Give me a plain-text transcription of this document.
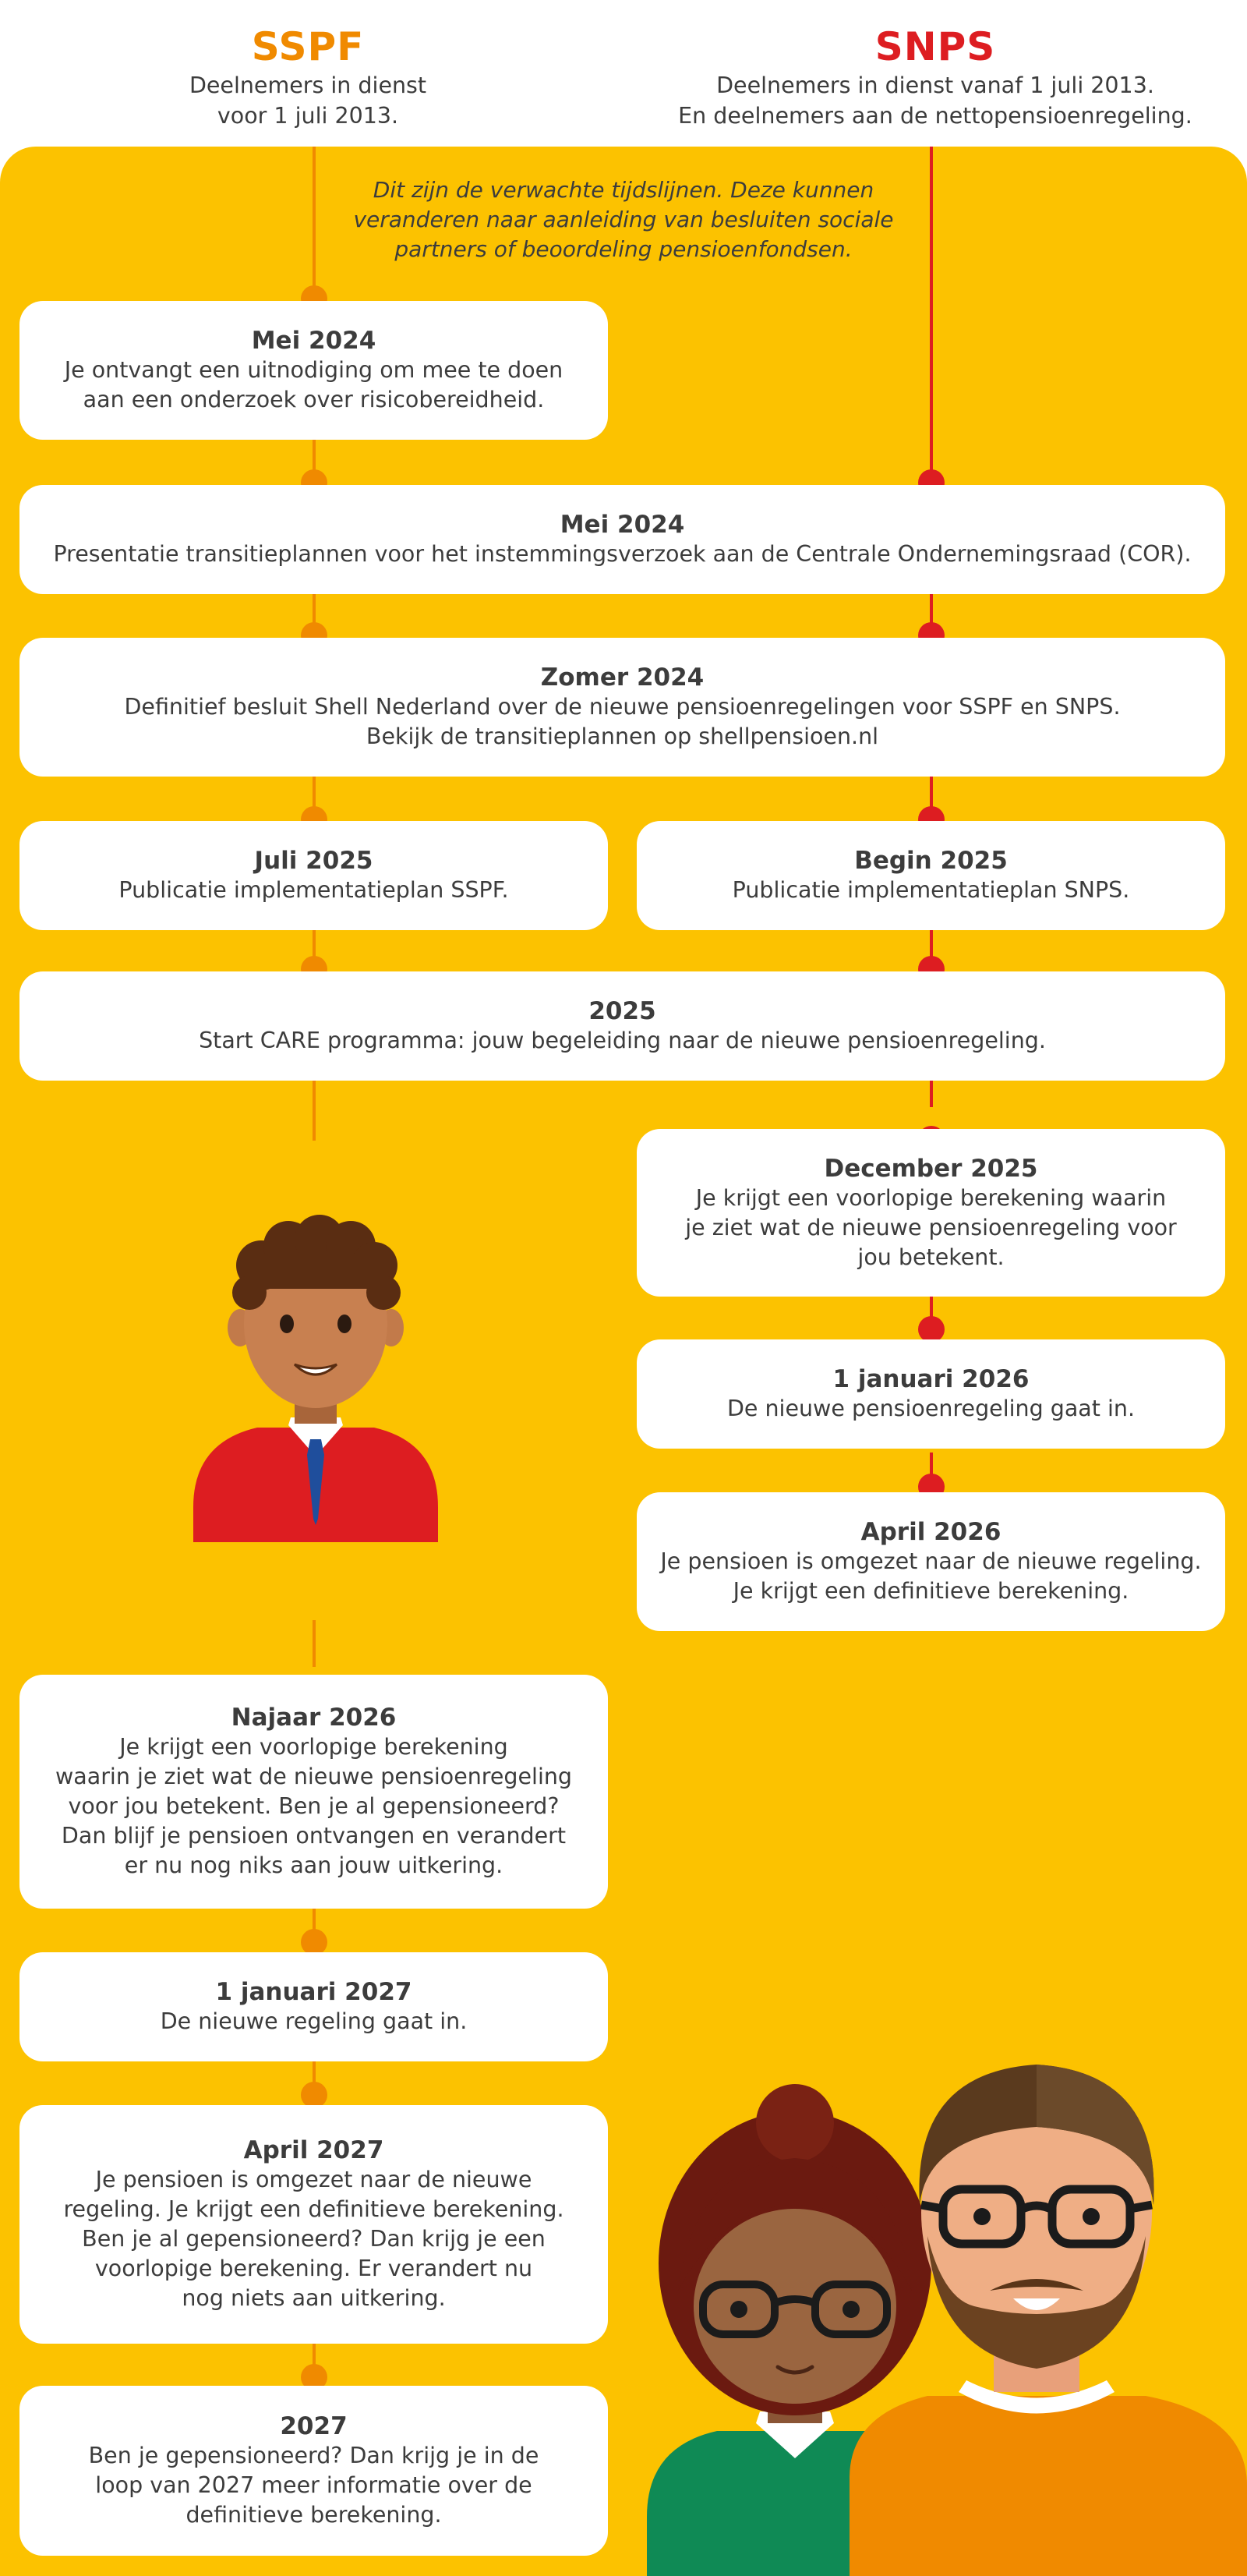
SSPF
Deelnemers in dienst
voor 1 juli 2013.
SNPS
Deelnemers in dienst vanaf 1 juli 2013.
En deelnemers aan de nettopensioenregeling.
Dit zijn de verwachte tijdslijnen. Deze kunnen veranderen naar aanleiding van besluiten sociale partners of beoordeling pensioenfondsen.
Mei 2024
Je ontvangt een uitnodiging om mee te doen
aan een onderzoek over risicobereidheid.
Mei 2024
Presentatie transitieplannen voor het instemmingsverzoek aan de Centrale Ondernemingsraad (COR).
Zomer 2024
Definitief besluit Shell Nederland over de nieuwe pensioenregelingen voor SSPF en SNPS.
Bekijk de transitieplannen op shellpensioen.nl
Juli 2025
Publicatie implementatieplan SSPF.
Begin 2025
Publicatie implementatieplan SNPS.
2025
Start CARE programma: jouw begeleiding naar de nieuwe pensioenregeling.
December 2025
Je krijgt een voorlopige berekening waarin
je ziet wat de nieuwe pensioenregeling voor
jou betekent.
1 januari 2026
De nieuwe pensioenregeling gaat in.
April 2026
Je pensioen is omgezet naar de nieuwe regeling.
Je krijgt een definitieve berekening.
Najaar 2026
Je krijgt een voorlopige berekening
waarin je ziet wat de nieuwe pensioenregeling
voor jou betekent. Ben je al gepensioneerd?
Dan blijf je pensioen ontvangen en verandert
er nu nog niks aan jouw uitkering.
1 januari 2027
De nieuwe regeling gaat in.
April 2027
Je pensioen is omgezet naar de nieuwe
regeling. Je krijgt een definitieve berekening.
Ben je al gepensioneerd? Dan krijg je een
voorlopige berekening. Er verandert nu
nog niets aan uitkering.
2027
Ben je gepensioneerd? Dan krijg je in de
loop van 2027 meer informatie over de
definitieve berekening.
